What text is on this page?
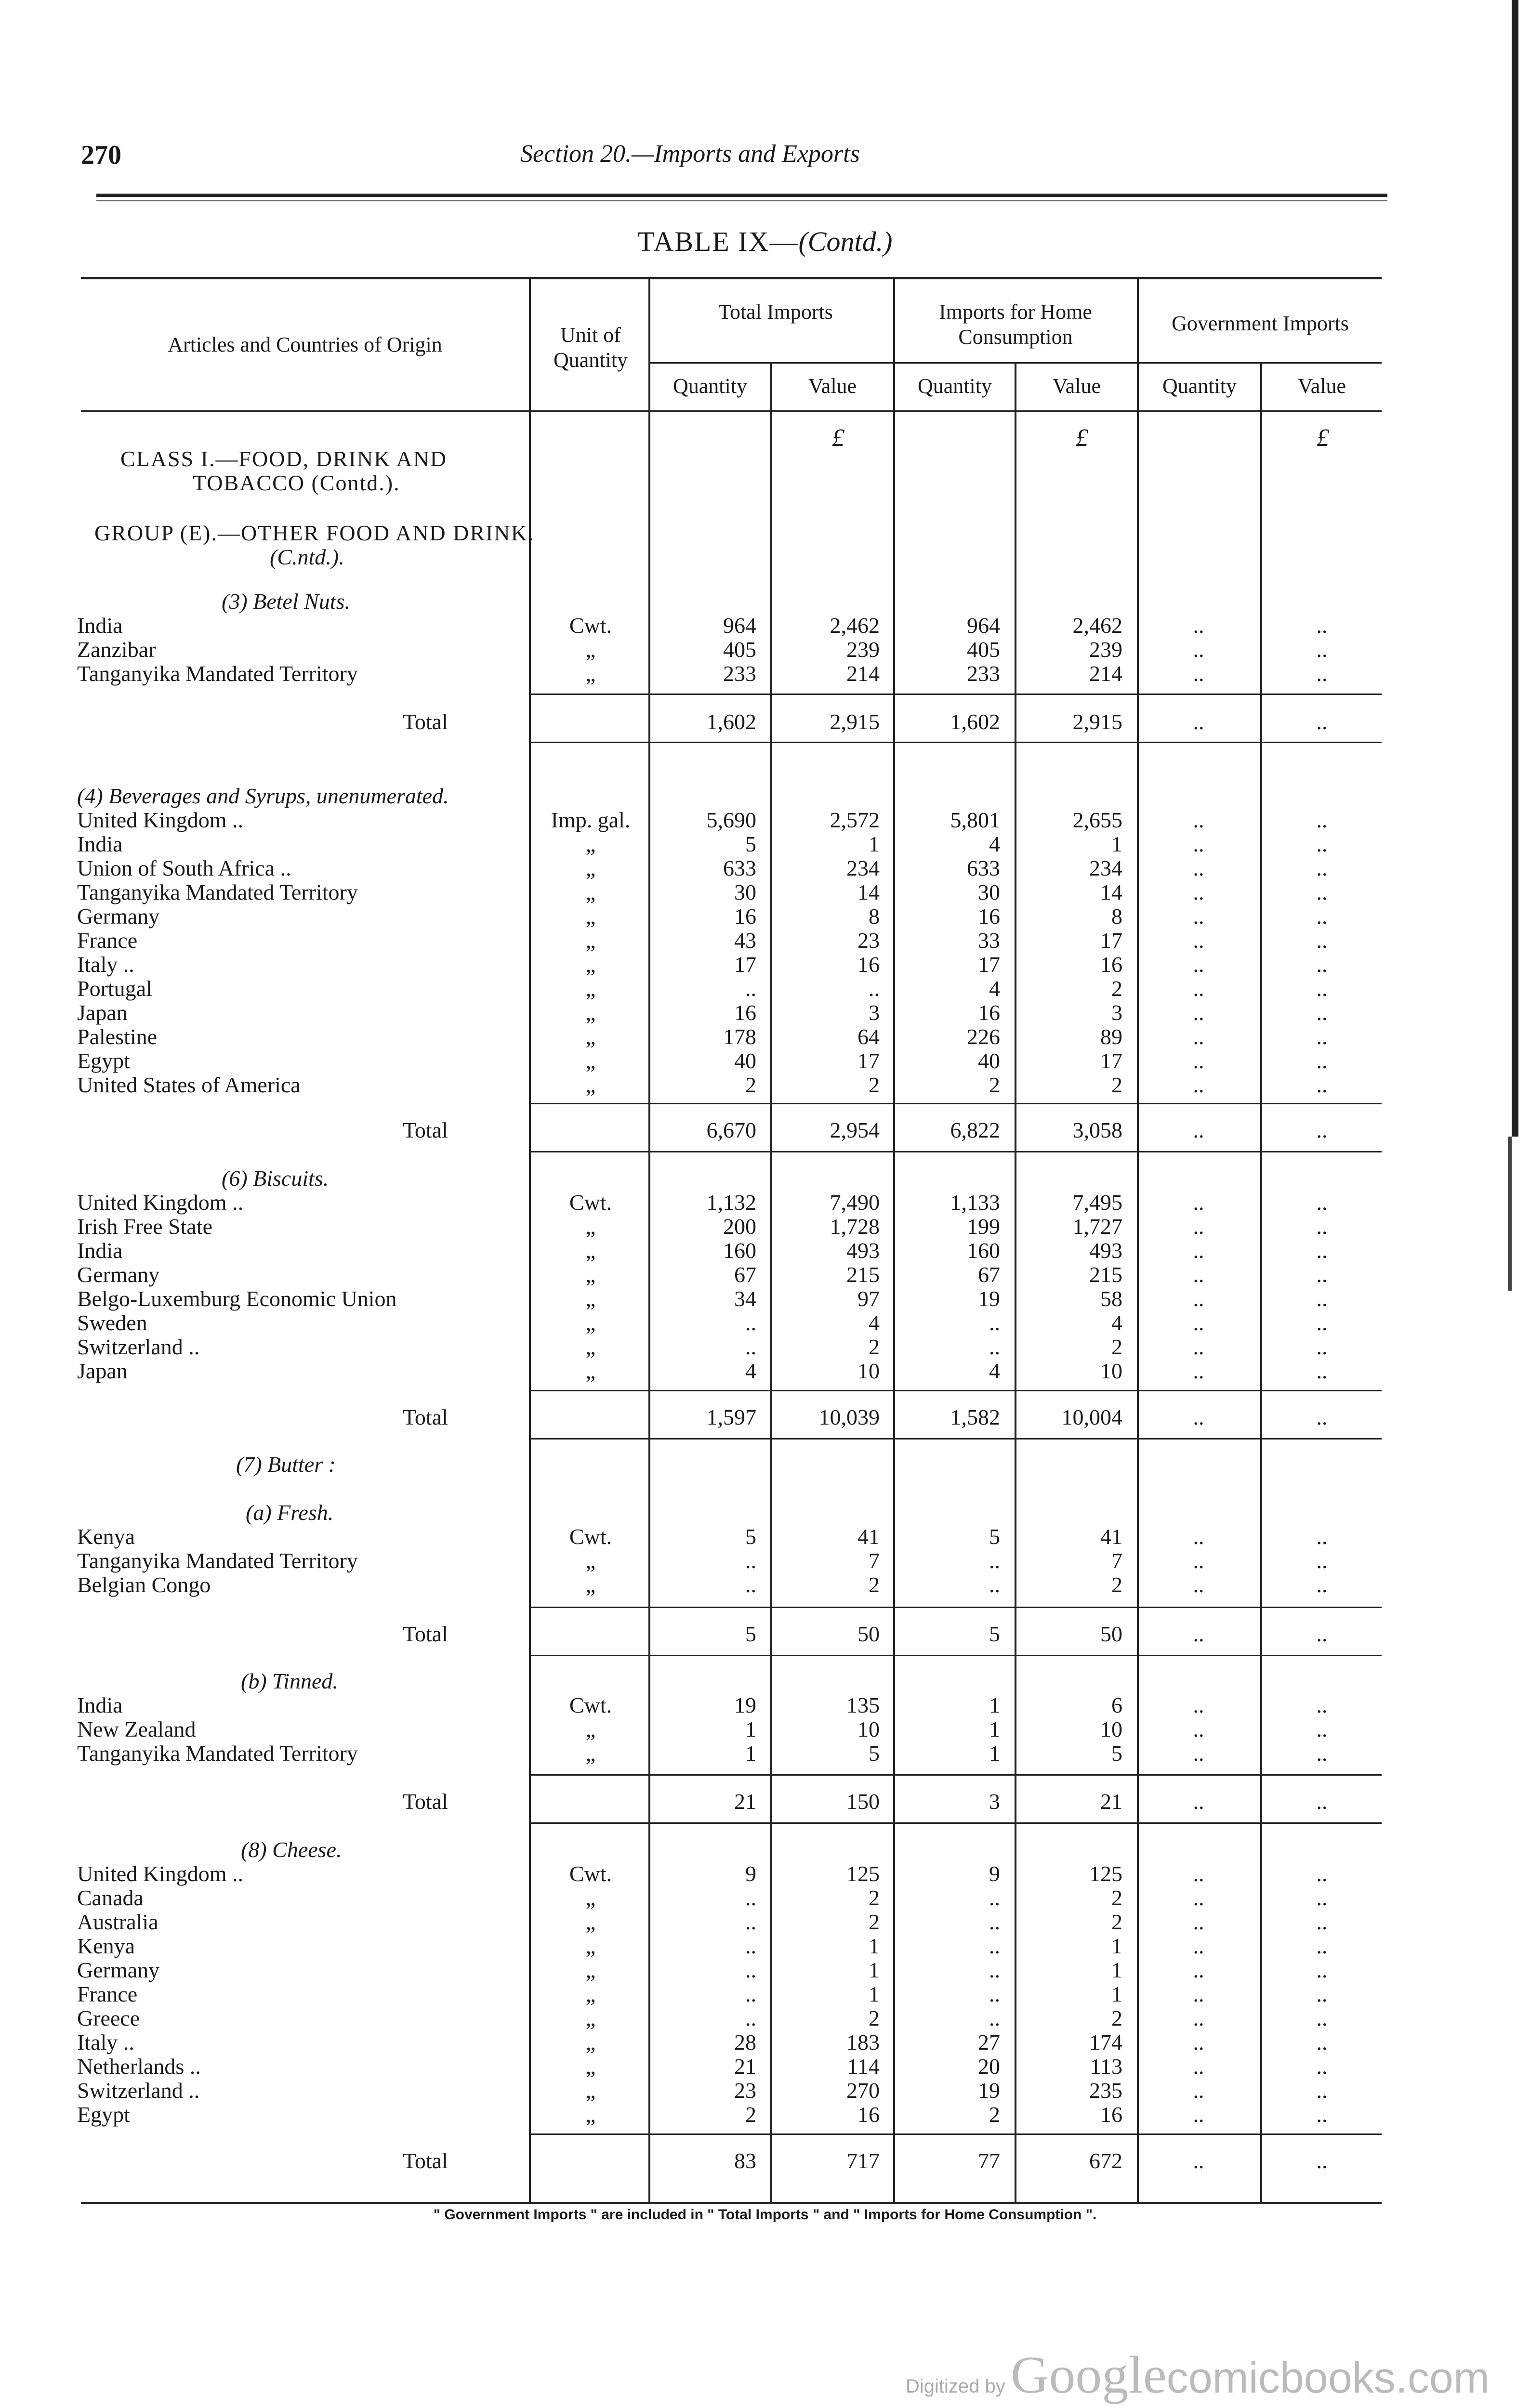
270	Section 20.—Imports and Exports
TABLE IX—(Contd.)
Articles and Countries of Origin	Unit of Quantity
Total Imports	Imports for Home Consumption
Government Imports
Quantity	Value	Quantity	Value	Quantity	Value
£	£	£
CLASS I.—FOOD, DRINK AND
TOBACCO (Contd.).
GROUP (E).—OTHER FOOD AND DRINK.
(C.ntd.).
(3) Betel Nuts.
India	Cwt.	964	2,462	964	2,462	..	..
Zanzibar	„	405	239	405	239	..	..
Tanganyika Mandated Territory	„	233	214	233	214	..	..
Total	1,602	2,915	1,602	2,915	..	..
(4) Beverages and Syrups, unenumerated.
United Kingdom ..	Imp. gal.	5,690	2,572	5,801	2,655	..	..
India	„	5	1	4	1	..	..
Union of South Africa ..	„	633	234	633	234	..	..
Tanganyika Mandated Territory	„	30	14	30	14	..	..
Germany	„	16	8	16	8	..	..
France	„	43	23	33	17	..	..
Italy ..	„	17	16	17	16	..	..
Portugal	„	..	..	4	2	..	..
Japan	„	16	3	16	3	..	..
Palestine	„	178	64	226	89	..	..
Egypt	„	40	17	40	17	..	..
United States of America	„	2	2	2	2	..	..
Total	6,670	2,954	6,822	3,058	..	..
(6) Biscuits.
United Kingdom ..	Cwt.	1,132	7,490	1,133	7,495	..	..
Irish Free State	„	200	1,728	199	1,727	..	..
India	„	160	493	160	493	..	..
Germany	„	67	215	67	215	..	..
Belgo-Luxemburg Economic Union	„	34	97	19	58	..	..
Sweden	„	..	4	..	4	..	..
Switzerland ..	„	..	2	..	2	..	..
Japan	„	4	10	4	10	..	..
Total	1,597	10,039	1,582	10,004	..	..
(7) Butter :
(a) Fresh.
Kenya	Cwt.	5	41	5	41	..	..
Tanganyika Mandated Territory	„	..	7	..	7	..	..
Belgian Congo	„	..	2	..	2	..	..
Total	5	50	5	50	..	..
(b) Tinned.
India	Cwt.	19	135	1	6	..	..
New Zealand	„	1	10	1	10	..	..
Tanganyika Mandated Territory	„	1	5	1	5	..	..
Total	21	150	3	21	..	..
(8) Cheese.
United Kingdom ..	Cwt.	9	125	9	125	..	..
Canada	„	..	2	..	2	..	..
Australia	„	..	2	..	2	..	..
Kenya	„	..	1	..	1	..	..
Germany	„	..	1	..	1	..	..
France	„	..	1	..	1	..	..
Greece	„	..	2	..	2	..	..
Italy ..	„	28	183	27	174	..	..
Netherlands ..	„	21	114	20	113	..	..
Switzerland ..	„	23	270	19	235	..	..
Egypt	„	2	16	2	16	..	..
Total	83	717	77	672	..	..
" Government Imports " are included in " Total Imports " and " Imports for Home Consumption ".
Digitized by Googlecomicbooks.com
